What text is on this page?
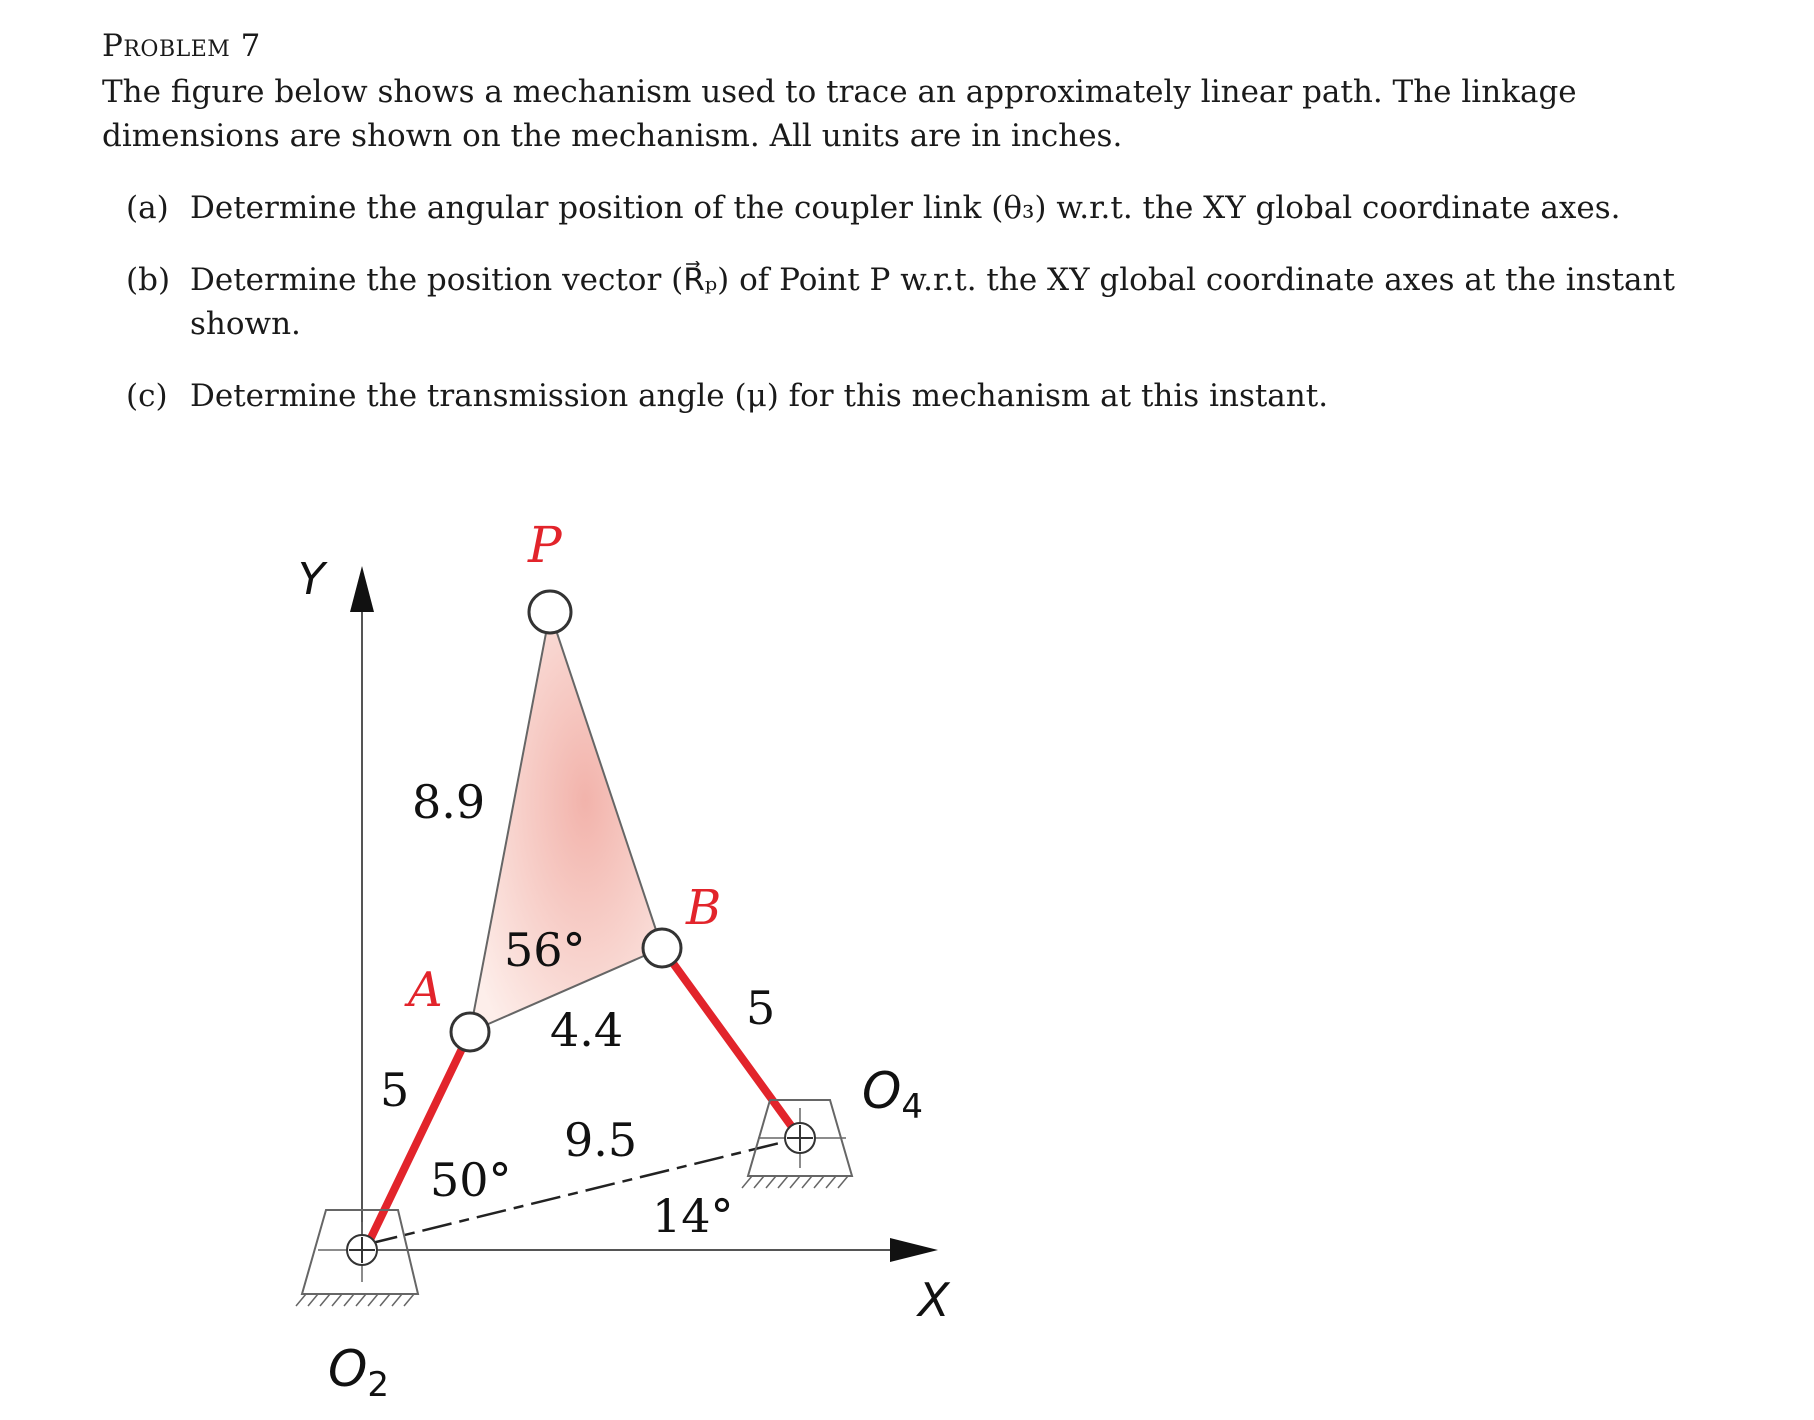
Problem 7
The figure below shows a mechanism used to trace an approximately linear path. The linkage dimensions are shown on the mechanism. All units are in inches.
(a) Determine the angular position of the coupler link (θ₃) w.r.t. the XY global coordinate axes.
(b) Determine the position vector (R⃗ₚ) of Point P w.r.t. the XY global coordinate axes at the instant
shown.
(c) Determine the transmission angle (μ) for this mechanism at this instant.
Y
X
P
A
B
$O_2$
$O_4$
8.9
56°
4.4
5
5
9.5
50°
14°
